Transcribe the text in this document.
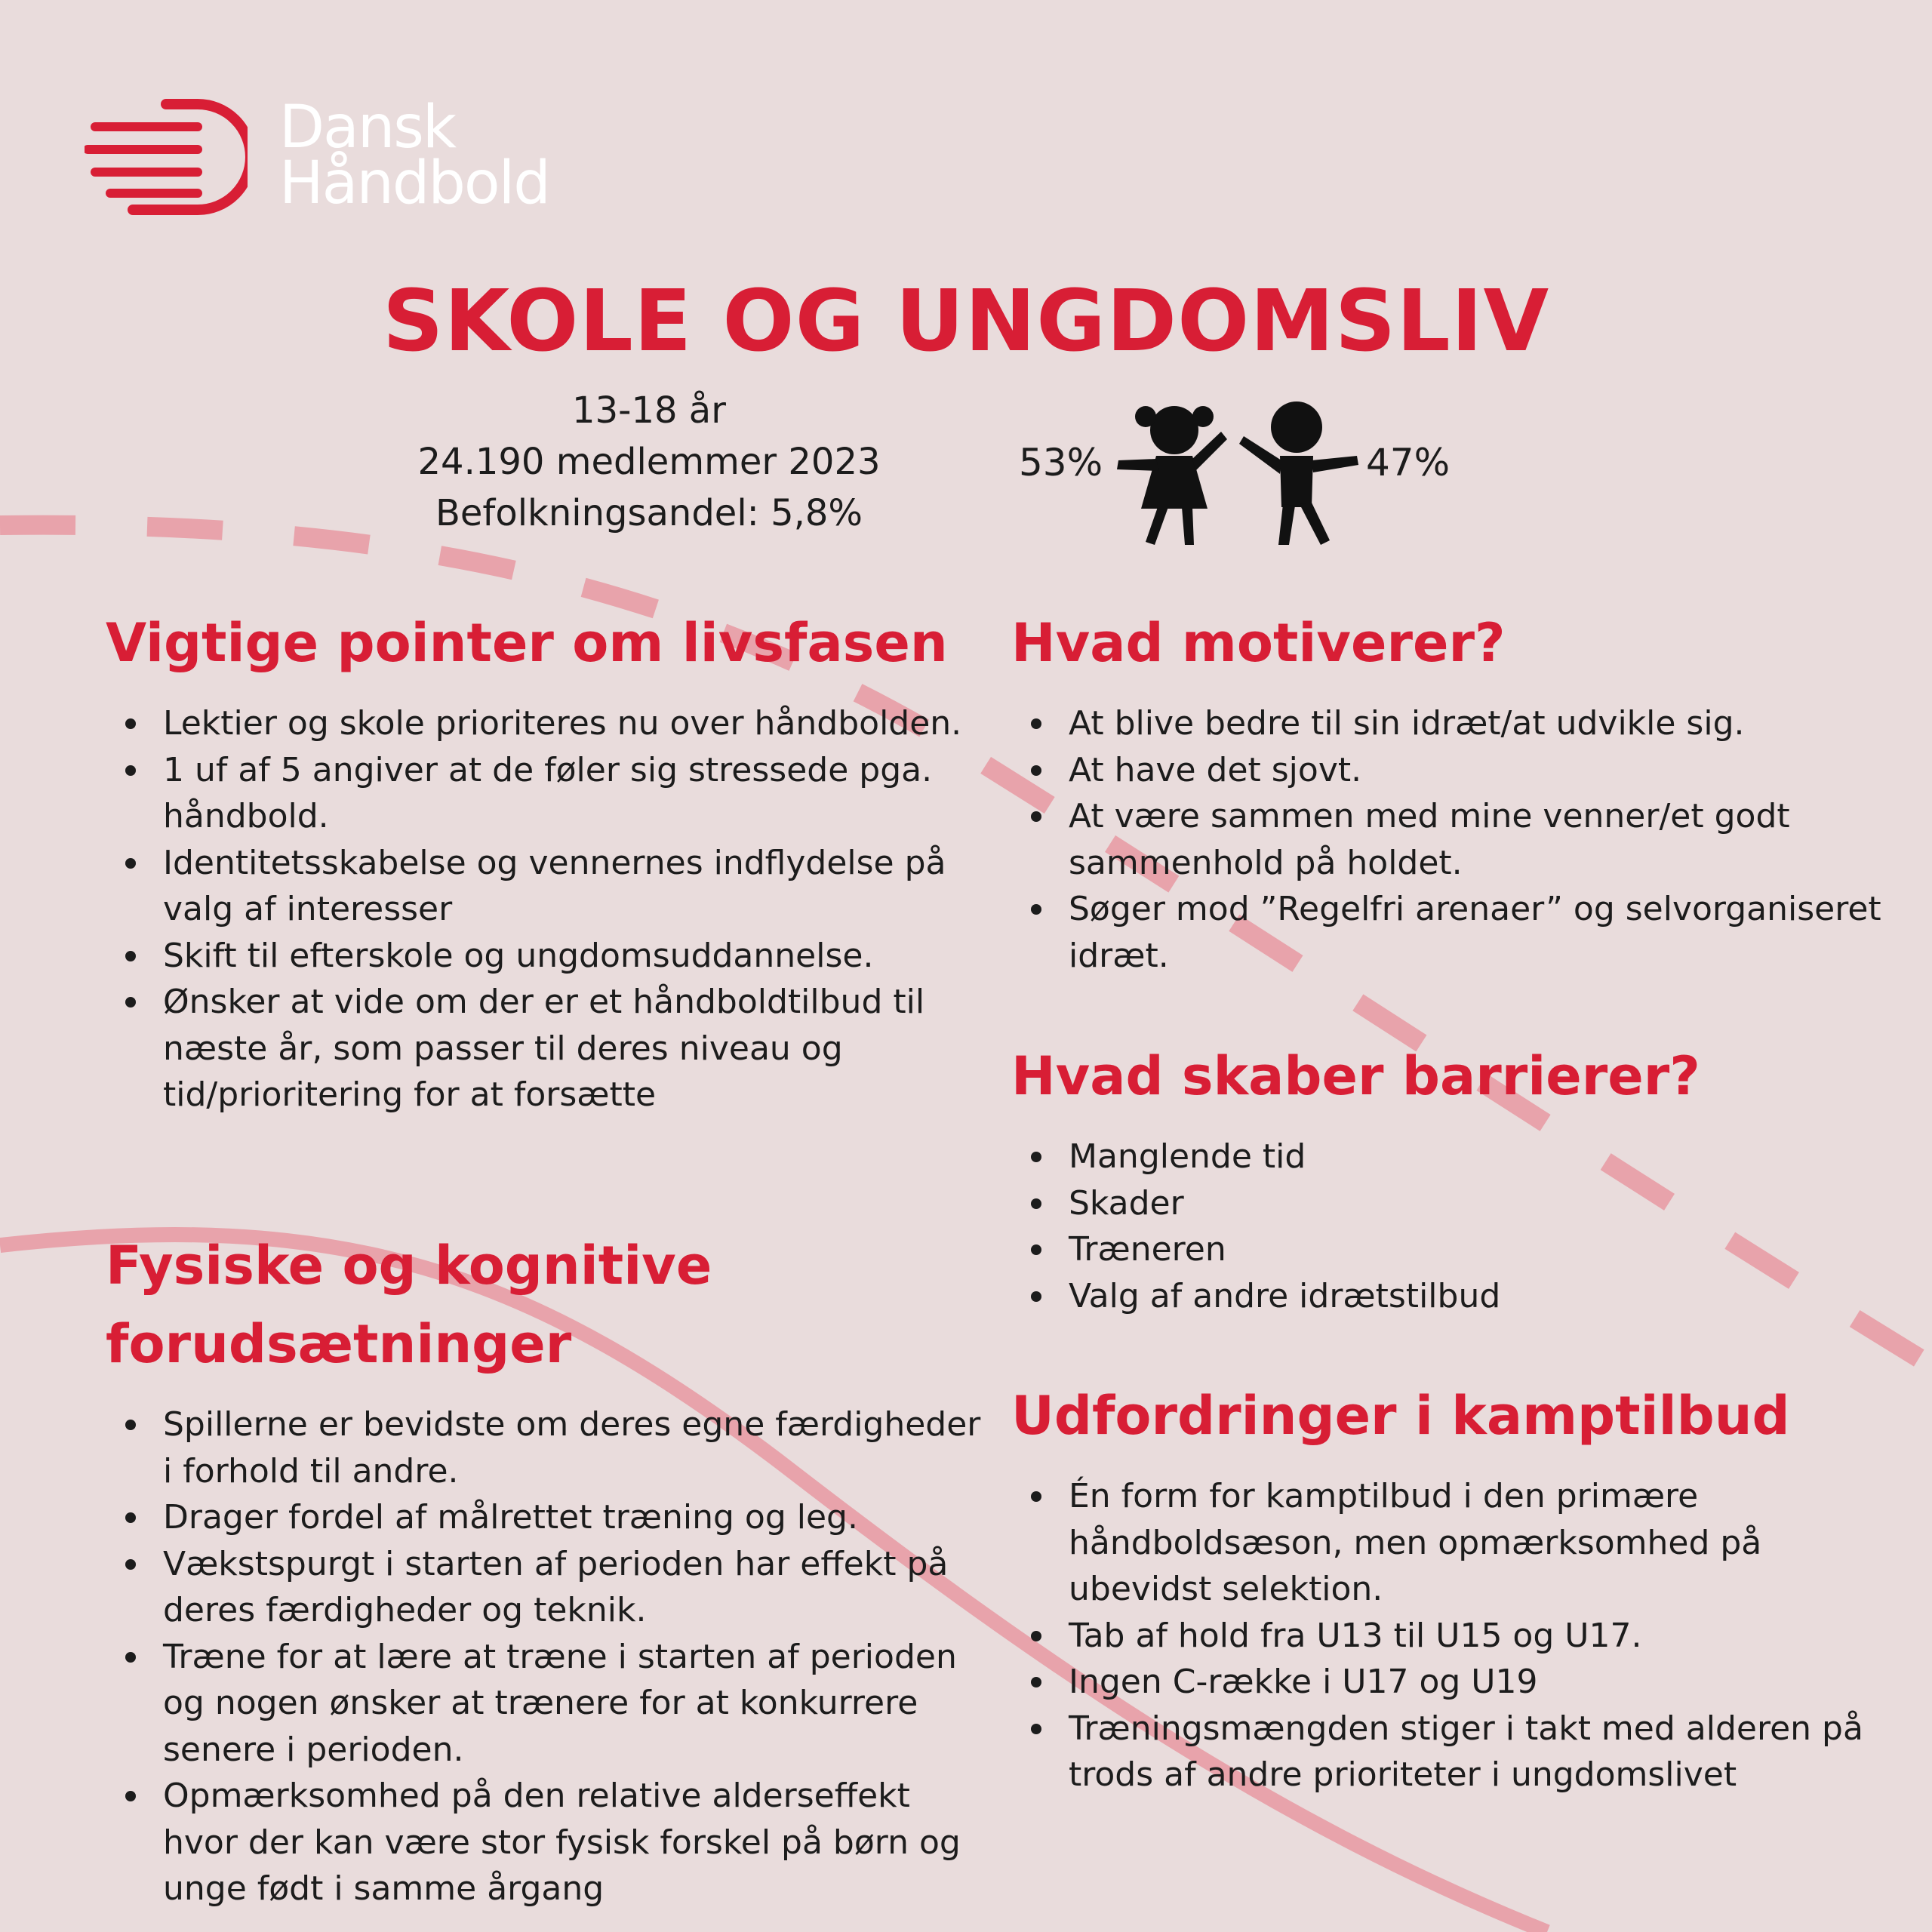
Dansk
Håndbold
SKOLE OG UNGDOMSLIV
13-18 år
24.190 medlemmer 2023
Befolkningsandel: 5,8%
53%	47%
Vigtige pointer om livsfasen
Lektier og skole prioriteres nu over håndbolden.
1 uf af 5 angiver at de føler sig stressede pga. håndbold.
Identitetsskabelse og vennernes indflydelse på valg af interesser
Skift til efterskole og ungdomsuddannelse.
Ønsker at vide om der er et håndboldtilbud til næste år, som passer til deres niveau og tid/prioritering for at forsætte
Fysiske og kognitive forudsætninger
Spillerne er bevidste om deres egne færdigheder i forhold til andre.
Drager fordel af målrettet træning og leg.
Vækstspurgt i starten af perioden har effekt på deres færdigheder og teknik.
Træne for at lære at træne i starten af perioden og nogen ønsker at trænere for at konkurrere senere i perioden.
Opmærksomhed på den relative alderseffekt hvor der kan være stor fysisk forskel på børn og unge født i samme årgang
Hvad motiverer?
At blive bedre til sin idræt/at udvikle sig.
At have det sjovt.
At være sammen med mine venner/et godt sammenhold på holdet.
Søger mod ”Regelfri arenaer” og selvorganiseret idræt.
Hvad skaber barrierer?
Manglende tid
Skader
Træneren
Valg af andre idrætstilbud
Udfordringer i kamptilbud
Én form for kamptilbud i den primære håndboldsæson, men opmærksomhed på ubevidst selektion.
Tab af hold fra U13 til U15 og U17.
Ingen C-række i U17 og U19
Træningsmængden stiger i takt med alderen på trods af andre prioriteter i ungdomslivet
